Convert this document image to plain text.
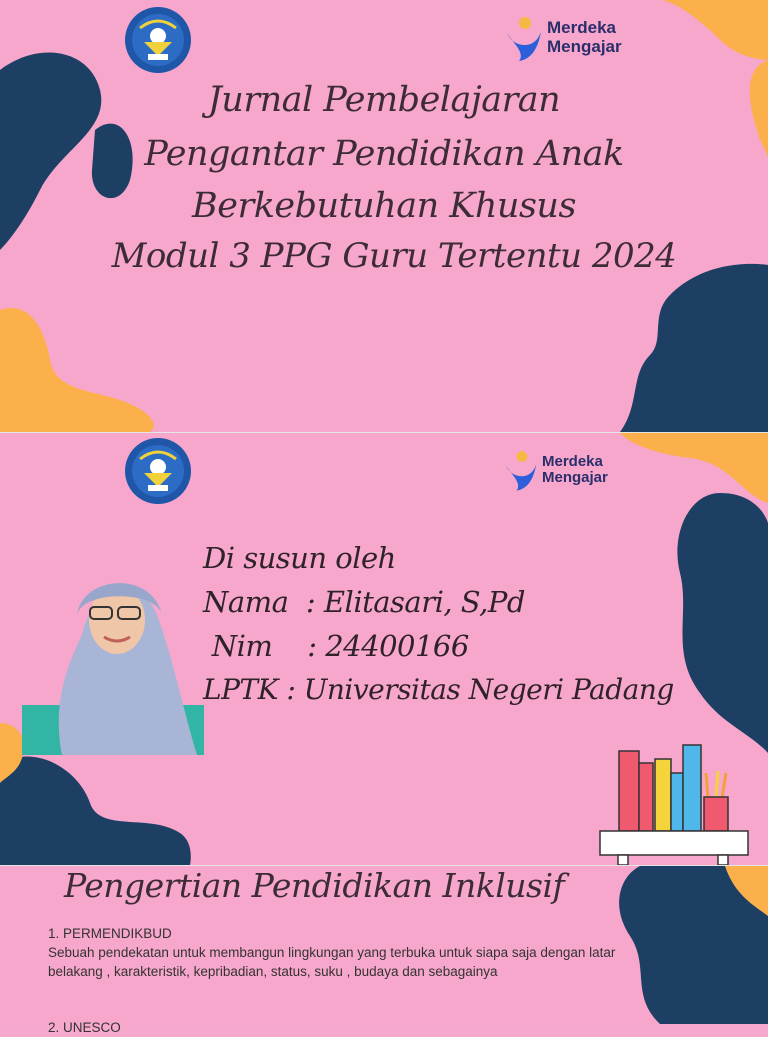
Merdeka
Mengajar
Jurnal Pembelajaran
Pengantar Pendidikan Anak
Berkebutuhan Khusus
Modul 3 PPG Guru Tertentu 2024
Merdeka
Mengajar
Di susun oleh
Nama  : Elitasari, S,Pd
Nim    : 24400166
LPTK : Universitas Negeri Padang
Pengertian Pendidikan Inklusif
1. PERMENDIKBUD
Sebuah pendekatan untuk membangun lingkungan yang terbuka untuk siapa saja dengan latar belakang , karakteristik, kepribadian, status, suku , budaya dan sebagainya
2. UNESCO
